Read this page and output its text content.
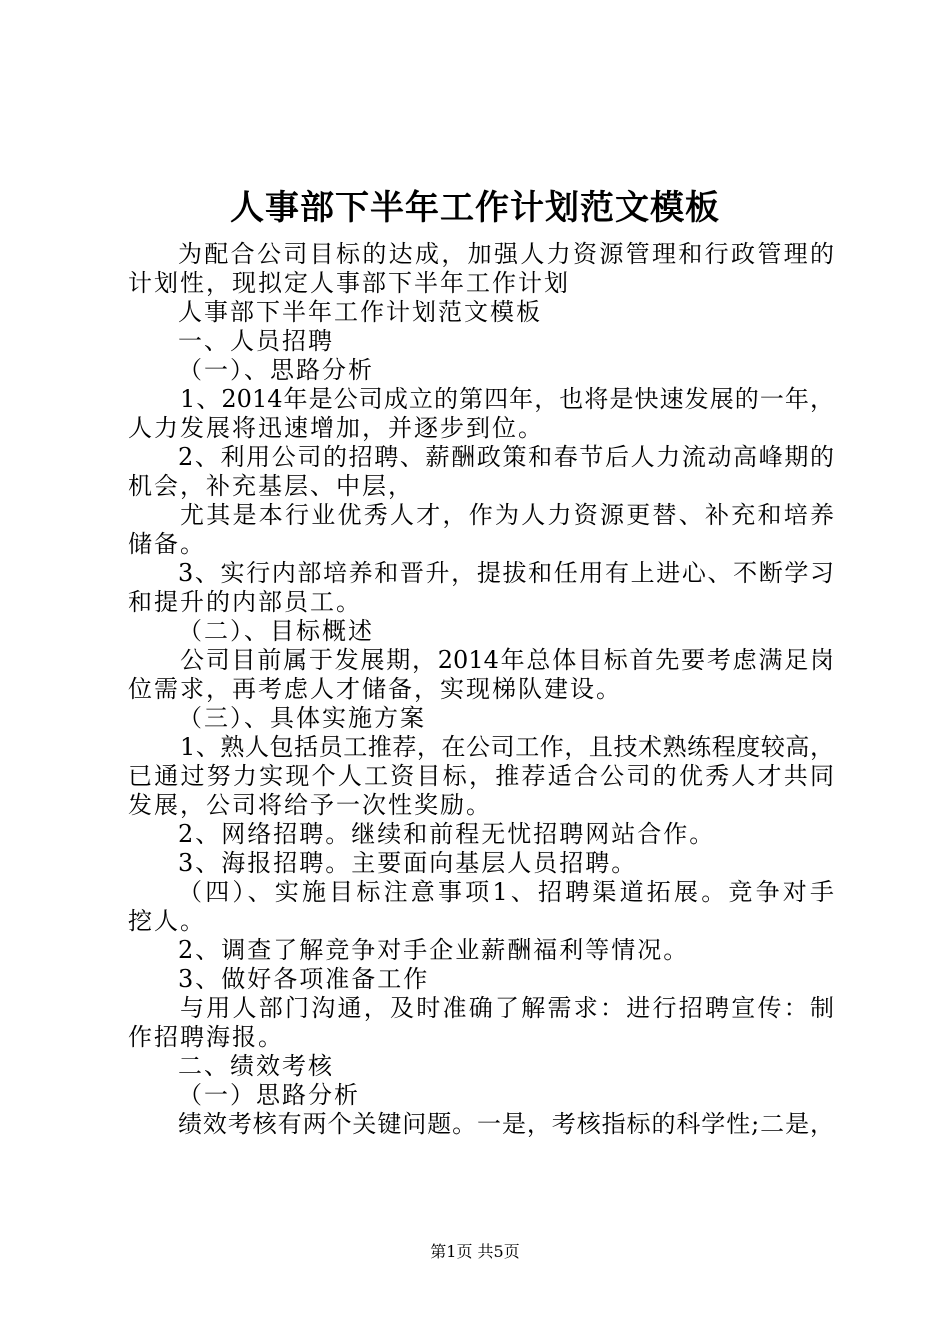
人事部下半年工作计划范文模板
为配合公司目标的达成，加强人力资源管理和行政管理的
计划性，现拟定人事部下半年工作计划
人事部下半年工作计划范文模板
一、人员招聘
（一）、思路分析
1、2014年是公司成立的第四年，也将是快速发展的一年，
人力发展将迅速增加，并逐步到位。
2、利用公司的招聘、薪酬政策和春节后人力流动高峰期的
机会，补充基层、中层，
尤其是本行业优秀人才，作为人力资源更替、补充和培养
储备。
3、实行内部培养和晋升，提拔和任用有上进心、不断学习
和提升的内部员工。
（二）、目标概述
公司目前属于发展期，2014年总体目标首先要考虑满足岗
位需求，再考虑人才储备，实现梯队建设。
（三）、具体实施方案
1、熟人包括员工推荐，在公司工作，且技术熟练程度较高，
已通过努力实现个人工资目标，推荐适合公司的优秀人才共同
发展，公司将给予一次性奖励。
2、网络招聘。继续和前程无忧招聘网站合作。
3、海报招聘。主要面向基层人员招聘。
（四）、实施目标注意事项1、招聘渠道拓展。竞争对手
挖人。
2、调查了解竞争对手企业薪酬福利等情况。
3、做好各项准备工作
与用人部门沟通，及时准确了解需求：进行招聘宣传：制
作招聘海报。
二、绩效考核
（一）思路分析
绩效考核有两个关键问题。一是，考核指标的科学性;二是，
第1页 共5页
